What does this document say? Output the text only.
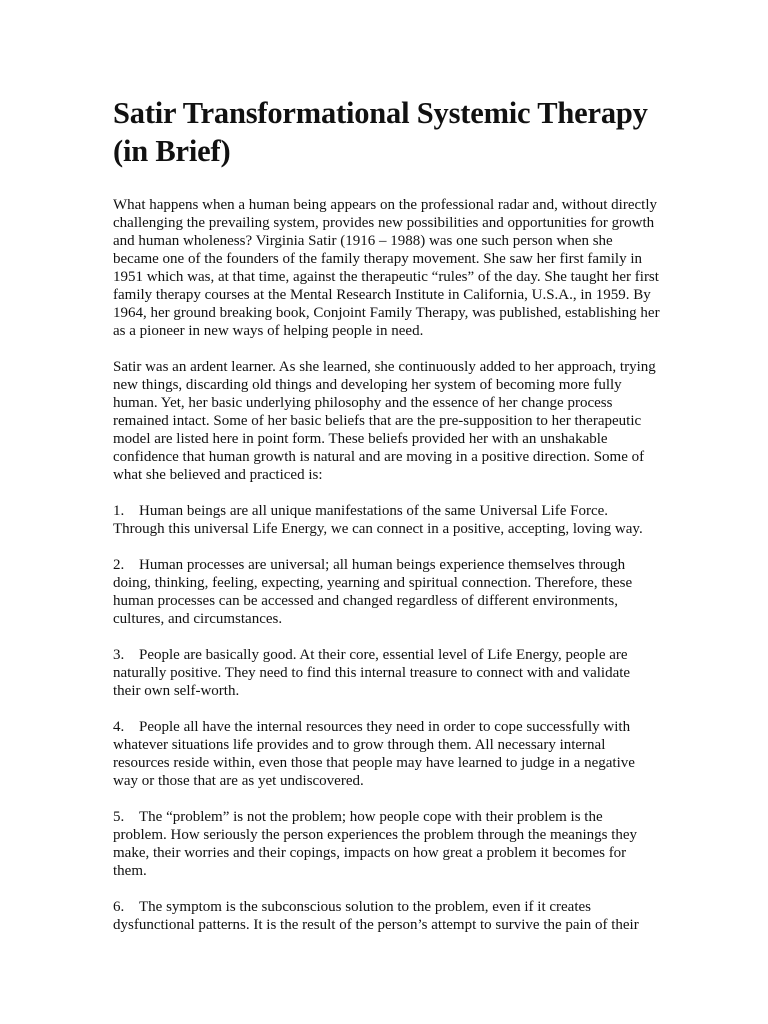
Satir Transformational Systemic Therapy (in Brief)

What happens when a human being appears on the professional radar and, without directly challenging the prevailing system, provides new possibilities and opportunities for growth and human wholeness? Virginia Satir (1916 – 1988) was one such person when she became one of the founders of the family therapy movement. She saw her first family in 1951 which was, at that time, against the therapeutic “rules” of the day. She taught her first family therapy courses at the Mental Research Institute in California, U.S.A., in 1959. By 1964, her ground breaking book, Conjoint Family Therapy, was published, establishing her as a pioneer in new ways of helping people in need.

Satir was an ardent learner. As she learned, she continuously added to her approach, trying new things, discarding old things and developing her system of becoming more fully human. Yet, her basic underlying philosophy and the essence of her change process remained intact. Some of her basic beliefs that are the pre-supposition to her therapeutic model are listed here in point form. These beliefs provided her with an unshakable confidence that human growth is natural and are moving in a positive direction. Some of what she believed and practiced is:

1. Human beings are all unique manifestations of the same Universal Life Force. Through this universal Life Energy, we can connect in a positive, accepting, loving way.

2. Human processes are universal; all human beings experience themselves through doing, thinking, feeling, expecting, yearning and spiritual connection. Therefore, these human processes can be accessed and changed regardless of different environments, cultures, and circumstances.

3. People are basically good. At their core, essential level of Life Energy, people are naturally positive. They need to find this internal treasure to connect with and validate their own self-worth.

4. People all have the internal resources they need in order to cope successfully with whatever situations life provides and to grow through them. All necessary internal resources reside within, even those that people may have learned to judge in a negative way or those that are as yet undiscovered.

5. The “problem” is not the problem; how people cope with their problem is the problem. How seriously the person experiences the problem through the meanings they make, their worries and their copings, impacts on how great a problem it becomes for them.

6. The symptom is the subconscious solution to the problem, even if it creates dysfunctional patterns. It is the result of the person’s attempt to survive the pain of their
